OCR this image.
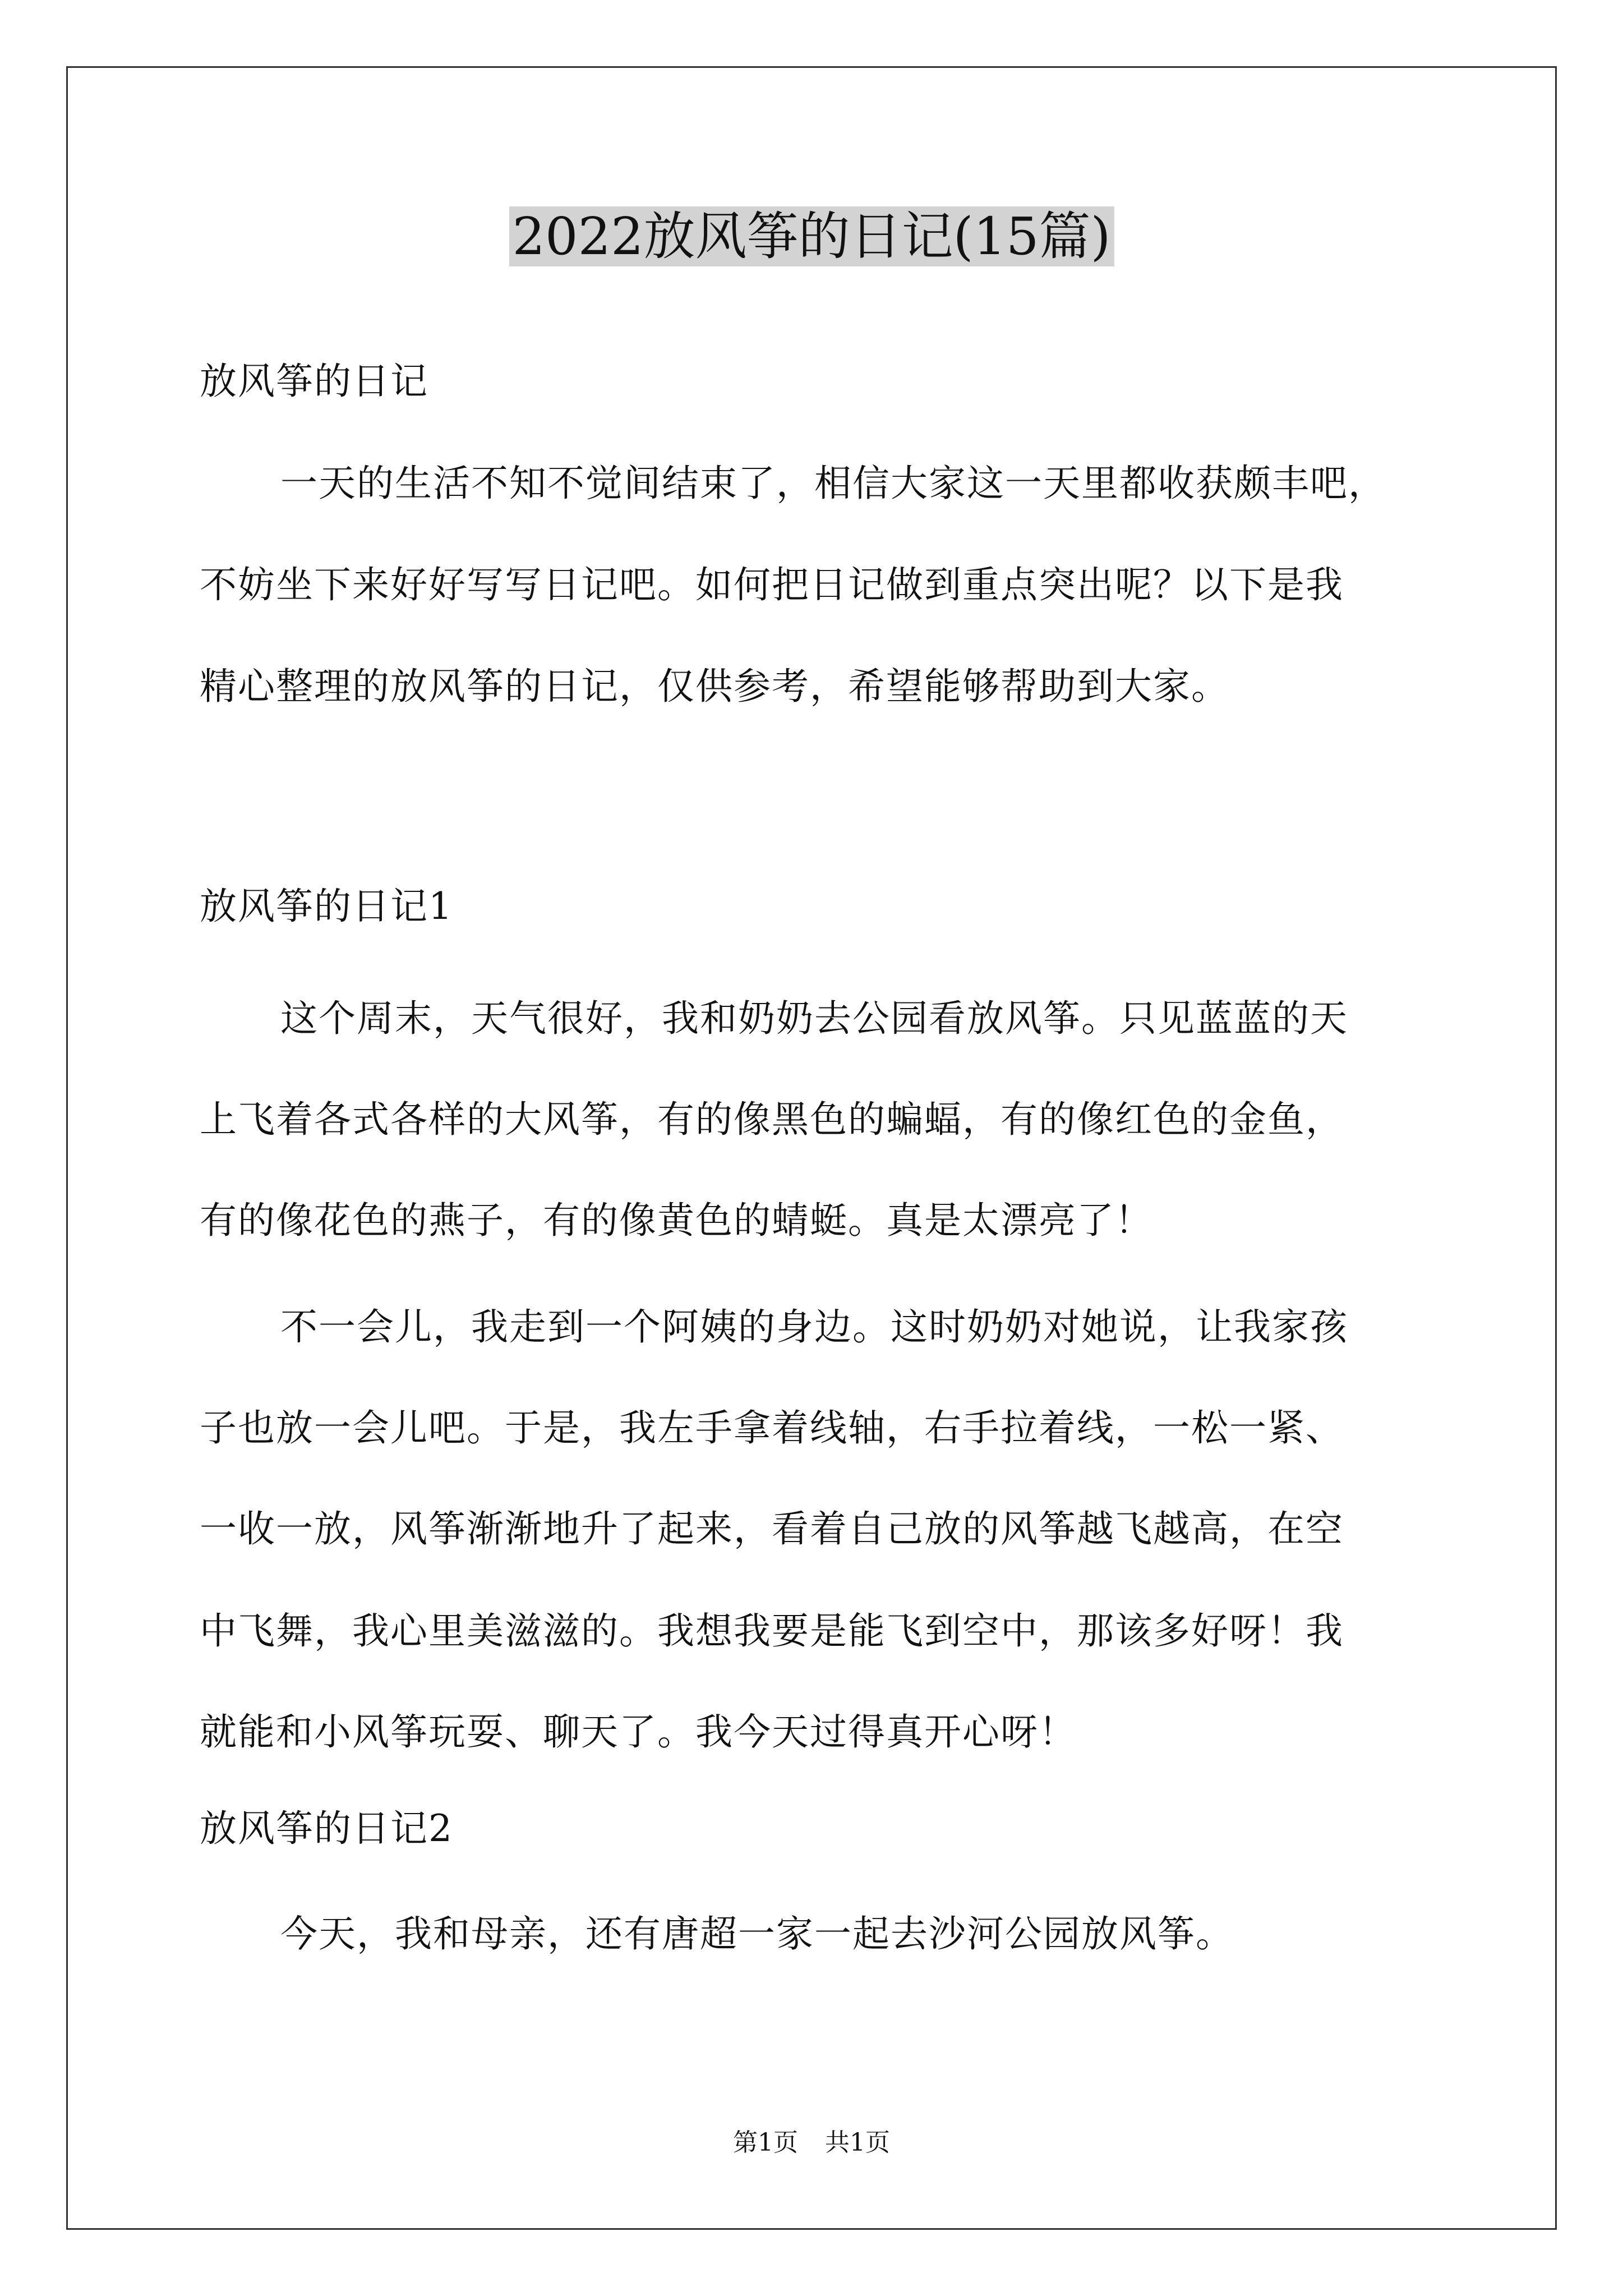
2022放风筝的日记(15篇)
放风筝的日记
一天的生活不知不觉间结束了，相信大家这一天里都收获颇丰吧，
不妨坐下来好好写写日记吧。如何把日记做到重点突出呢？以下是我
精心整理的放风筝的日记，仅供参考，希望能够帮助到大家。
放风筝的日记1
这个周末，天气很好，我和奶奶去公园看放风筝。只见蓝蓝的天
上飞着各式各样的大风筝，有的像黑色的蝙蝠，有的像红色的金鱼，
有的像花色的燕子，有的像黄色的蜻蜓。真是太漂亮了！
不一会儿，我走到一个阿姨的身边。这时奶奶对她说，让我家孩
子也放一会儿吧。于是，我左手拿着线轴，右手拉着线，一松一紧、
一收一放，风筝渐渐地升了起来，看着自己放的风筝越飞越高，在空
中飞舞，我心里美滋滋的。我想我要是能飞到空中，那该多好呀！我
就能和小风筝玩耍、聊天了。我今天过得真开心呀！
放风筝的日记2
今天，我和母亲，还有唐超一家一起去沙河公园放风筝。
第1页 共1页
